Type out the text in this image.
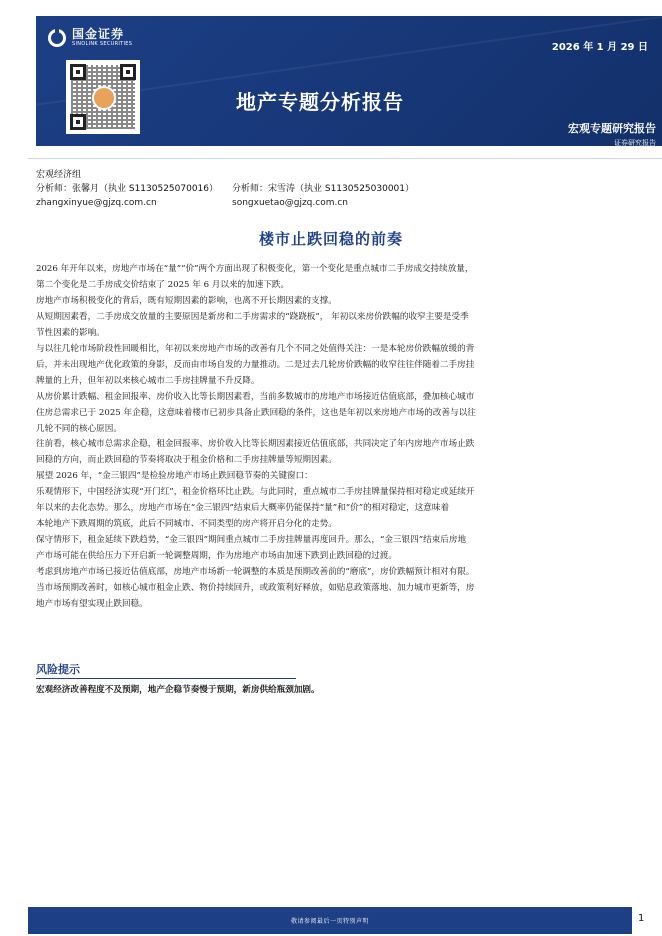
国金证券
SINOLINK SECURITIES	2026 年 1 月 29 日
地产专题分析报告
宏观专题研究报告
证券研究报告
宏观经济组
分析师：张馨月（执业 S1130525070016）	分析师：宋雪涛（执业 S1130525030001）
zhangxinyue@gjzq.com.cn	songxuetao@gjzq.com.cn
楼市止跌回稳的前奏
2026 年开年以来，房地产市场在“量”“价”两个方面出现了积极变化，第一个变化是重点城市二手房成交持续放量，
第二个变化是二手房成交价结束了 2025 年 6 月以来的加速下跌。
房地产市场积极变化的背后，既有短期因素的影响，也离不开长期因素的支撑。
从短期因素看，二手房成交放量的主要原因是新房和二手房需求的“跷跷板”， 年初以来房价跌幅的收窄主要是受季
节性因素的影响。
与以往几轮市场阶段性回暖相比，年初以来房地产市场的改善有几个不同之处值得关注：一是本轮房价跌幅放缓的背
后，并未出现地产优化政策的身影，反而由市场自发的力量推动。二是过去几轮房价跌幅的收窄往往伴随着二手房挂
牌量的上升，但年初以来核心城市二手房挂牌量不升反降。
从房价累计跌幅、租金回报率、房价收入比等长期因素看，当前多数城市的房地产市场接近估值底部，叠加核心城市
住房总需求已于 2025 年企稳，这意味着楼市已初步具备止跌回稳的条件，这也是年初以来房地产市场的改善与以往
几轮不同的核心原因。
往前看，核心城市总需求企稳，租金回报率、房价收入比等长期因素接近估值底部，共同决定了年内房地产市场止跌
回稳的方向，而止跌回稳的节奏将取决于租金价格和二手房挂牌量等短期因素。
展望 2026 年，“金三银四”是检验房地产市场止跌回稳节奏的关键窗口：
乐观情形下，中国经济实现“开门红”，租金价格环比止跌。与此同时，重点城市二手房挂牌量保持相对稳定或延续开
年以来的去化态势。那么，房地产市场在“金三银四”结束后大概率仍能保持“量”和“价”的相对稳定，这意味着
本轮地产下跌周期的筑底，此后不同城市、不同类型的房产将开启分化的走势。
保守情形下，租金延续下跌趋势，“金三银四”期间重点城市二手房挂牌量再度回升。那么，“金三银四”结束后房地
产市场可能在供给压力下开启新一轮调整周期，作为房地产市场由加速下跌到止跌回稳的过渡。
考虑到房地产市场已接近估值底部，房地产市场新一轮调整的本质是预期改善前的“磨底”，房价跌幅预计相对有限。
当市场预期改善时，如核心城市租金止跌、物价持续回升，或政策利好释放，如贴息政策落地、加力城市更新等，房
地产市场有望实现止跌回稳。
风险提示
宏观经济改善程度不及预期，地产企稳节奏慢于预期，新房供给瓶颈加剧。
敬请参阅最后一页特别声明	1
